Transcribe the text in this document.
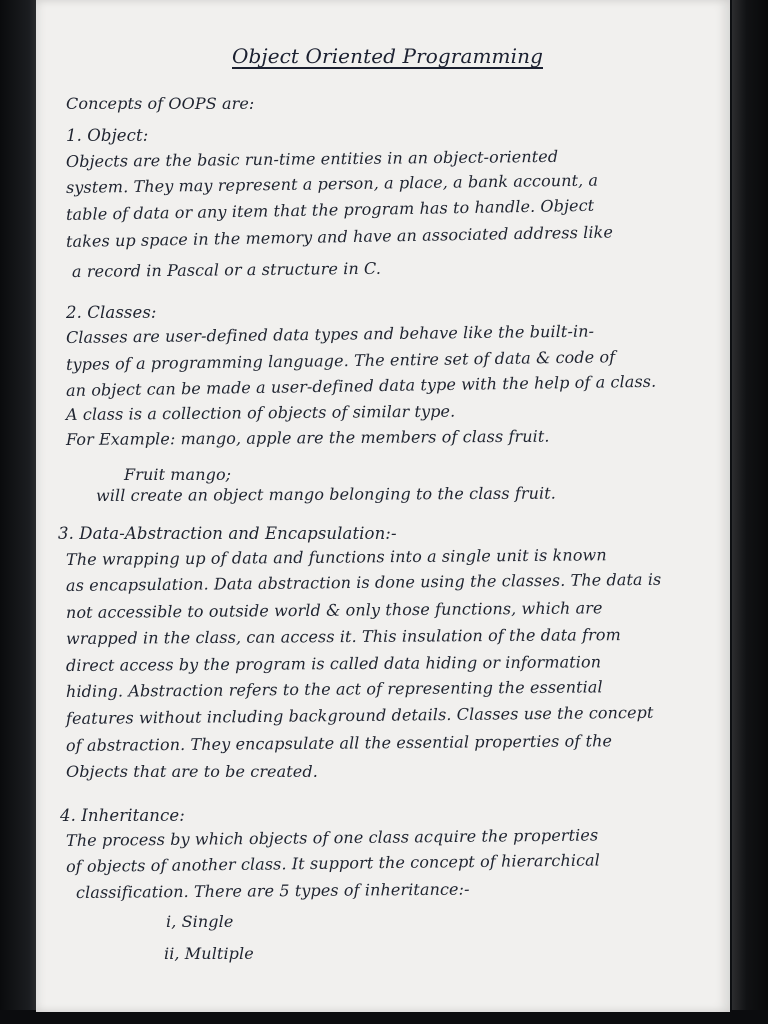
Object Oriented Programming
Concepts of OOPS are:
1. Object:
Objects are the basic run-time entities in an object-oriented
system. They may represent a person, a place, a bank account, a
table of data or any item that the program has to handle. Object
takes up space in the memory and have an associated address like
a record in Pascal or a structure in C.
2. Classes:
Classes are user-defined data types and behave like the built-in-
types of a programming language. The entire set of data & code of
an object can be made a user-defined data type with the help of a class.
A class is a collection of objects of similar type.
For Example: mango, apple are the members of class fruit.
Fruit mango;
will create an object mango belonging to the class fruit.
3. Data-Abstraction and Encapsulation:-
The wrapping up of data and functions into a single unit is known
as encapsulation. Data abstraction is done using the classes. The data is
not accessible to outside world & only those functions, which are
wrapped in the class, can access it. This insulation of the data from
direct access by the program is called data hiding or information
hiding. Abstraction refers to the act of representing the essential
features without including background details. Classes use the concept
of abstraction. They encapsulate all the essential properties of the
Objects that are to be created.
4. Inheritance:
The process by which objects of one class acquire the properties
of objects of another class. It support the concept of hierarchical
classification. There are 5 types of inheritance:-
i, Single
ii, Multiple
